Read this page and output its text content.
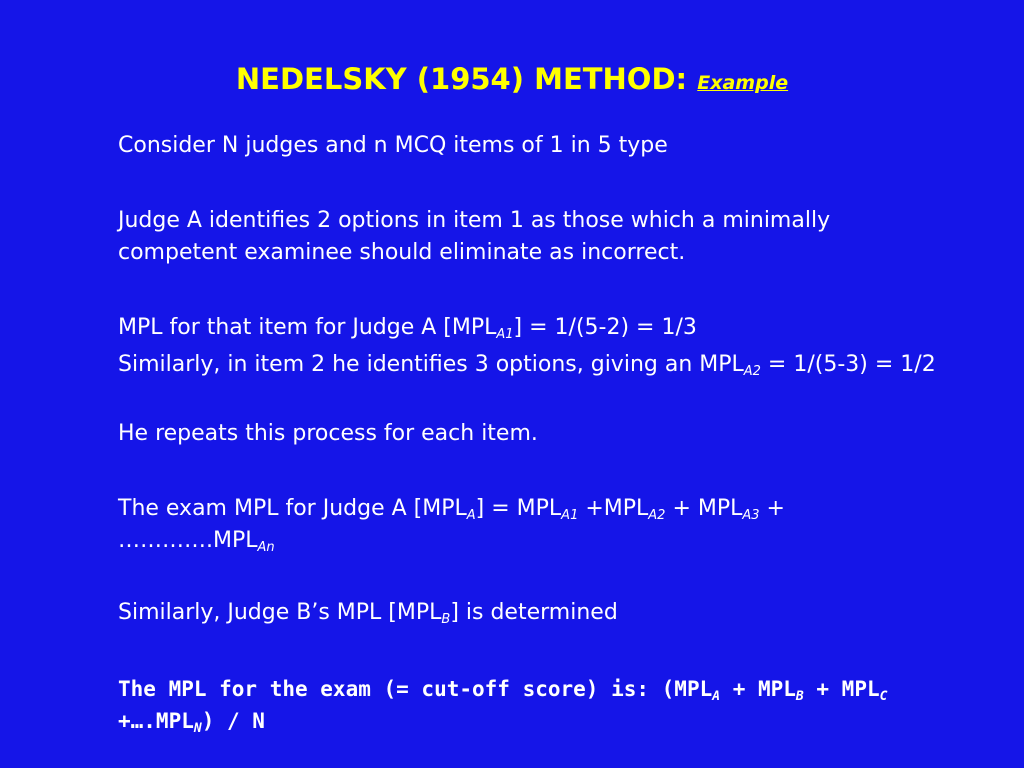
NEDELSKY (1954) METHOD: Example

Consider N judges and n MCQ items of 1 in 5 type

Judge A identifies 2 options in item 1 as those which a minimally competent examinee should eliminate as incorrect.

MPL for that item for Judge A $[MPL_{A1}] = 1/(5-2) = 1/3$

Similarly, in item 2 he identifies 3 options, giving an $MPL_{A2} = 1/(5-3) = 1/2$

He repeats this process for each item.

The exam MPL for Judge A $[MPL_A] = MPL_{A1} +MPL_{A2} + MPL_{A3}$ + $\dots\dots\dots\dots.MPL_{An}$

Similarly, Judge B’s MPL $[MPL_B]$ is determined

The MPL for the exam (= cut-off score) is: ($MPL_A + MPL_B + MPL_C$ $+\dots.MPL_N) / N$
